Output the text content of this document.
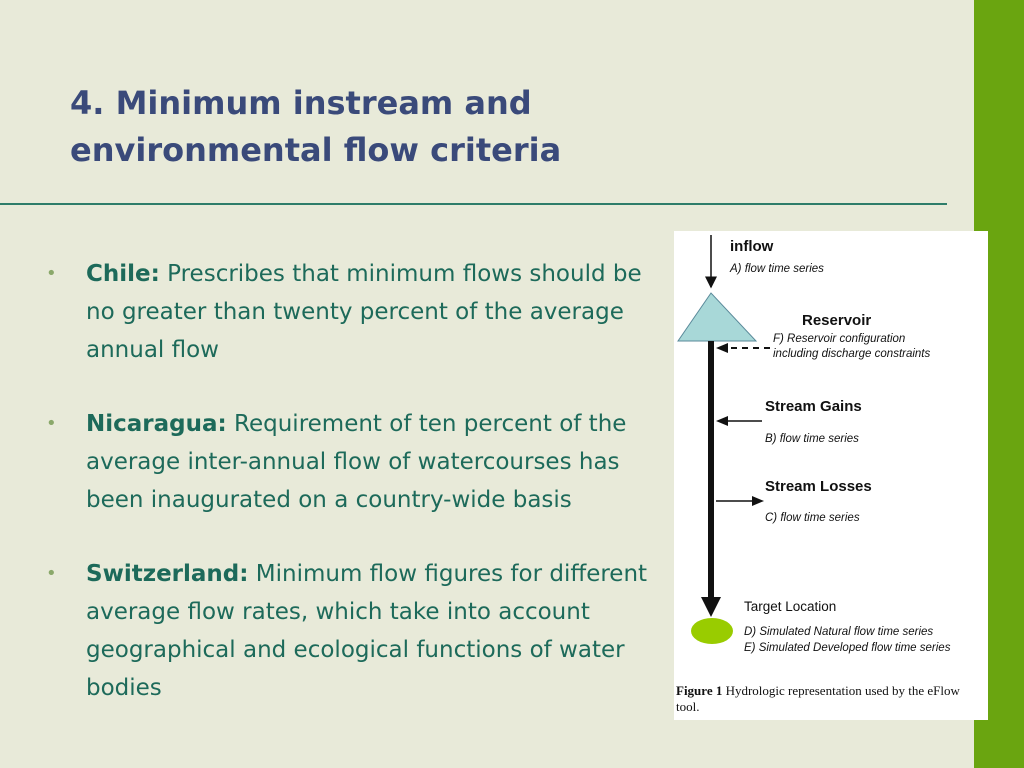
4. Minimum instream and
environmental flow criteria
• Chile: Prescribes that minimum flows should be no greater than twenty percent of the average annual flow
• Nicaragua: Requirement of ten percent of the average inter-annual flow of watercourses has been inaugurated on a country-wide basis
• Switzerland: Minimum flow figures for different average flow rates, which take into account geographical and ecological functions of water bodies
inflow
A) flow time series
Reservoir
F) Reservoir configuration
including discharge constraints
Stream Gains
B) flow time series
Stream Losses
C) flow time series
Target Location
D) Simulated Natural flow time series
E) Simulated Developed flow time series
Figure 1 Hydrologic representation used by the eFlow tool.
